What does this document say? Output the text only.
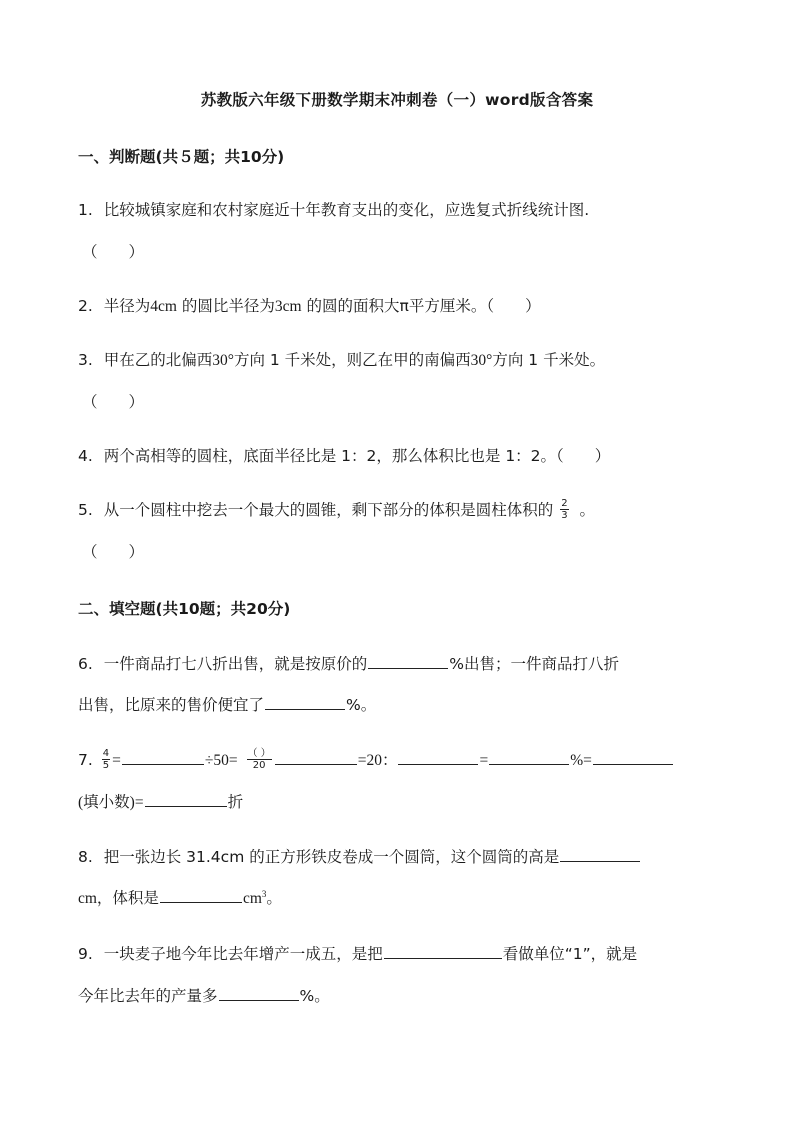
苏教版六年级下册数学期末冲刺卷（一）word版含答案
一、判断题(共５题；共10分)
1. 比较城镇家庭和农村家庭近十年教育支出的变化，应选复式折线统计图.
（　　）
2. 半径为4cm 的圆比半径为3cm 的圆的面积大π平方厘米。（　　）
3. 甲在乙的北偏西30°方向 1 千米处，则乙在甲的南偏西30°方向 1 千米处。
（　　）
4. 两个高相等的圆柱，底面半径比是 1：2，那么体积比也是 1：2。（　　）
5. 从一个圆柱中挖去一个最大的圆锥，剩下部分的体积是圆柱体积的 $\frac{2}{3}$ 。
（　　）
二、填空题(共10题；共20分)
6. 一件商品打七八折出售，就是按原价的	%出售；一件商品打八折
出售，比原来的售价便宜了	%。
7. $\frac{4}{5}$ =	$\div 50= \frac{( )}{20}$	=20：	=	%=
(填小数)=	折
8. 把一张边长 31.4cm 的正方形铁皮卷成一个圆筒，这个圆筒的高是
cm，体积是	$cm^3$。
9. 一块麦子地今年比去年增产一成五，是把	看做单位“1”，就是
今年比去年的产量多	%。
